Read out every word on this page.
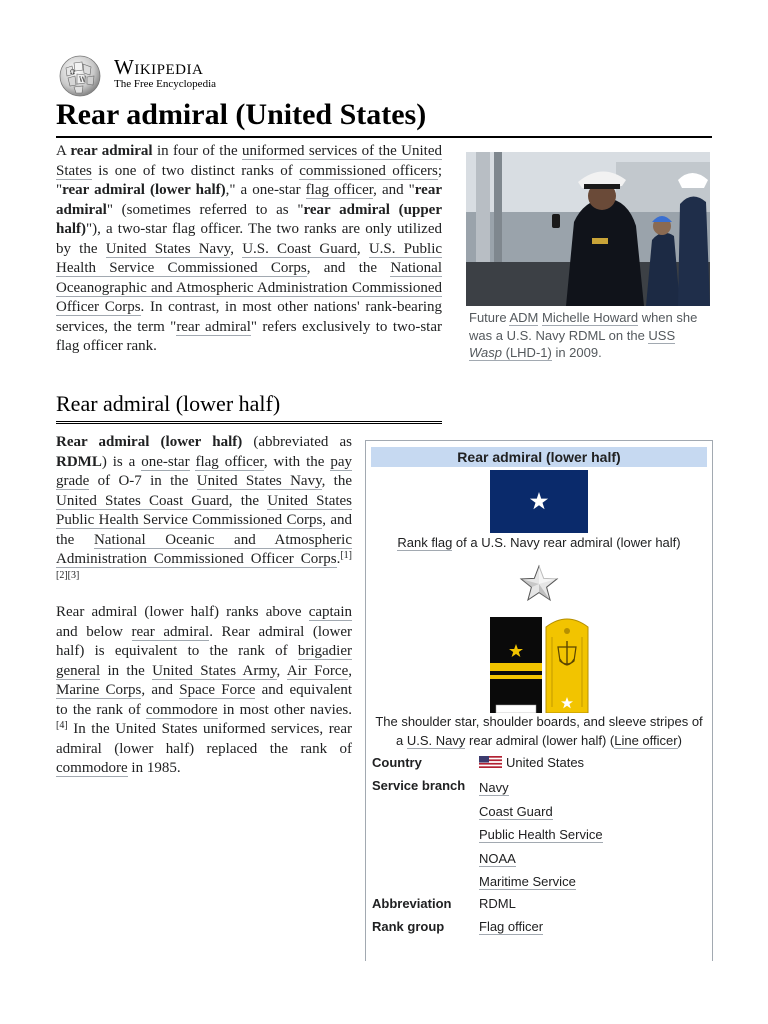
Ω
W
Wikipedia
The Free Encyclopedia
Rear admiral (United States)

A rear admiral in four of the uniformed services of the United States is one of two distinct ranks of commissioned officers; "rear admiral (lower half)," a one-star flag officer, and "rear admiral" (sometimes referred to as "rear admiral (upper half)"), a two-star flag officer. The two ranks are only utilized by the United States Navy, U.S. Coast Guard, U.S. Public Health Service Commissioned Corps, and the National Oceanographic and Atmospheric Administration Commissioned Officer Corps. In contrast, in most other nations' rank-bearing services, the term "rear admiral" refers exclusively to two-star flag officer rank.

Future ADM Michelle Howard when she was a U.S. Navy RDML on the USS Wasp (LHD-1) in 2009.
Rear admiral (lower half)

Rear admiral (lower half) (abbreviated as RDML) is a one-star flag officer, with the pay grade of O-7 in the United States Navy, the United States Coast Guard, the United States Public Health Service Commissioned Corps, and the National Oceanic and Atmospheric Administration Commissioned Officer Corps.[1][2][3]

Rear admiral (lower half) ranks above captain and below rear admiral. Rear admiral (lower half) is equivalent to the rank of brigadier general in the United States Army, Air Force, Marine Corps, and Space Force and equivalent to the rank of commodore in most other navies.[4] In the United States uniformed services, rear admiral (lower half) replaced the rank of commodore in 1985.

Rear admiral (lower half)
Rank flag of a U.S. Navy rear admiral (lower half)
The shoulder star, shoulder boards, and sleeve stripes of a U.S. Navy rear admiral (lower half) (Line officer)
Country	United States
Service branch Navy
Coast Guard
Public Health Service
NOAA
Maritime Service
Abbreviation RDML
Rank group	Flag officer
